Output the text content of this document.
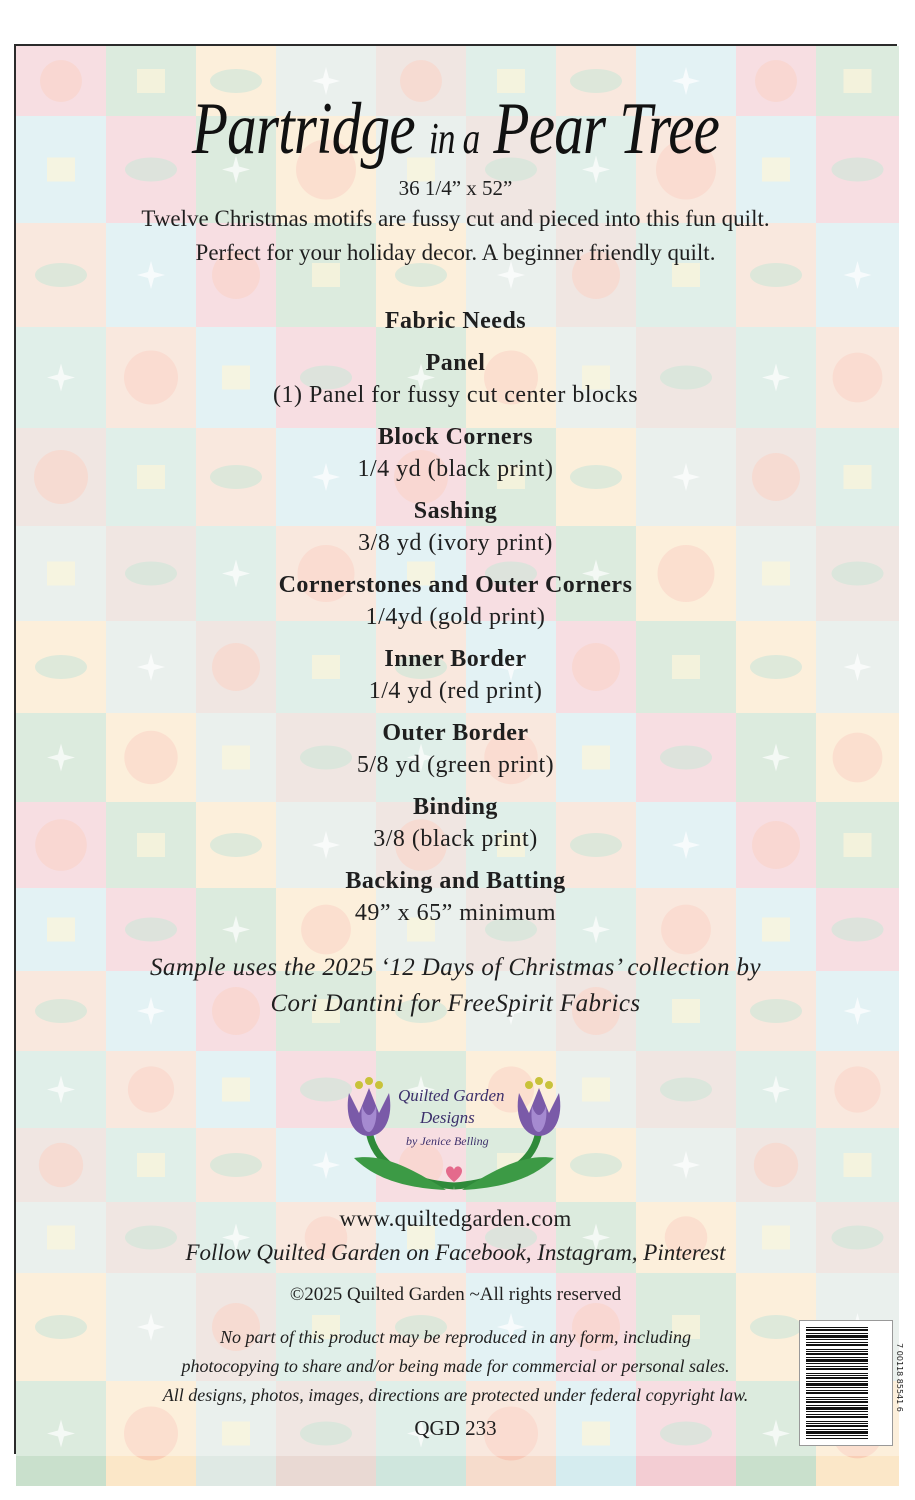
Partridge in a Pear Tree
36 1/4” x 52”
Twelve Christmas motifs are fussy cut and pieced into this fun quilt.
Perfect for your holiday decor. A beginner friendly quilt.
Fabric Needs
Panel
(1) Panel for fussy cut center blocks
Block Corners
1/4 yd (black print)
Sashing
3/8 yd (ivory print)
Cornerstones and Outer Corners
1/4yd (gold print)
Inner Border
1/4 yd (red print)
Outer Border
5/8 yd (green print)
Binding
3/8 (black print)
Backing and Batting
49” x 65” minimum
Sample uses the 2025 ‘12 Days of Christmas’ collection by
Cori Dantini for FreeSpirit Fabrics
Quilted Garden
Designs
by Jenice Belling
www.quiltedgarden.com
Follow Quilted Garden on Facebook, Instagram, Pinterest
©2025 Quilted Garden ~All rights reserved
No part of this product may be reproduced in any form, including
photocopying to share and/or being made for commercial or personal sales.
All designs, photos, images, directions are protected under federal copyright law.
QGD 233
7 00118 85541 6
